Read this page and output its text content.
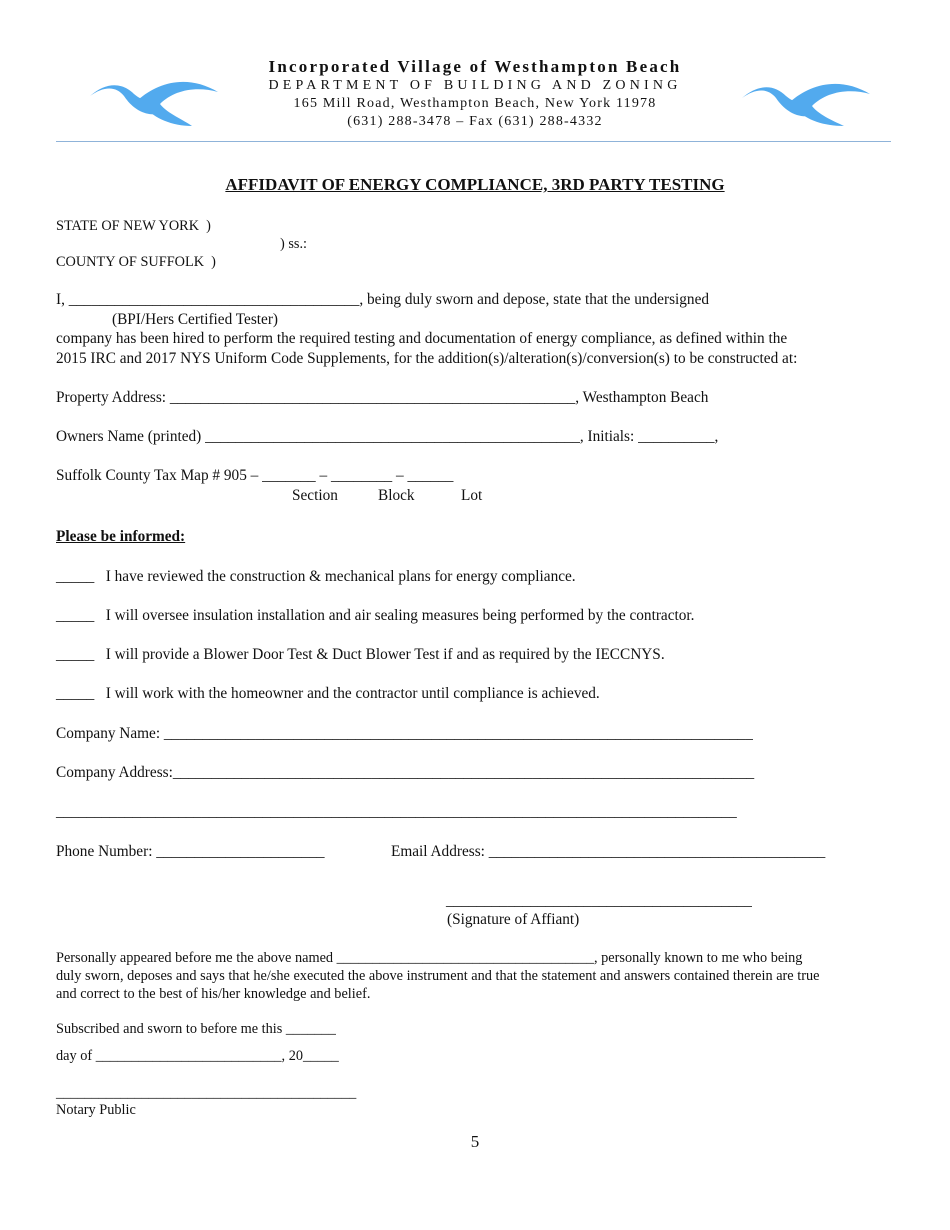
Incorporated Village of Westhampton Beach
DEPARTMENT OF BUILDING AND ZONING
165 Mill Road, Westhampton Beach, New York 11978
(631) 288-3478 – Fax (631) 288-4332
AFFIDAVIT OF ENERGY COMPLIANCE, 3RD PARTY TESTING
STATE OF NEW YORK  )
) ss.:
COUNTY OF SUFFOLK  )
I, ______________________________________, being duly sworn and depose, state that the undersigned
(BPI/Hers Certified Tester)
company has been hired to perform the required testing and documentation of energy compliance, as defined within the
2015 IRC and 2017 NYS Uniform Code Supplements, for the addition(s)/alteration(s)/conversion(s) to be constructed at:
Property Address: _____________________________________________________, Westhampton Beach
Owners Name (printed) _________________________________________________, Initials: __________,
Suffolk County Tax Map # 905 – _______ – ________ – ______
Section	Block	Lot
Please be informed:
_____   I have reviewed the construction & mechanical plans for energy compliance.
_____   I will oversee insulation installation and air sealing measures being performed by the contractor.
_____   I will provide a Blower Door Test & Duct Blower Test if and as required by the IECCNYS.
_____   I will work with the homeowner and the contractor until compliance is achieved.
Company Name: _____________________________________________________________________________
Company Address:____________________________________________________________________________
_________________________________________________________________________________________
Phone Number: ______________________	Email Address: ____________________________________________
________________________________________
(Signature of Affiant)
Personally appeared before me the above named ____________________________________, personally known to me who being
duly sworn, deposes and says that he/she executed the above instrument and that the statement and answers contained therein are true
and correct to the best of his/her knowledge and belief.
Subscribed and sworn to before me this _______
day of __________________________, 20_____
__________________________________________
Notary Public
5
